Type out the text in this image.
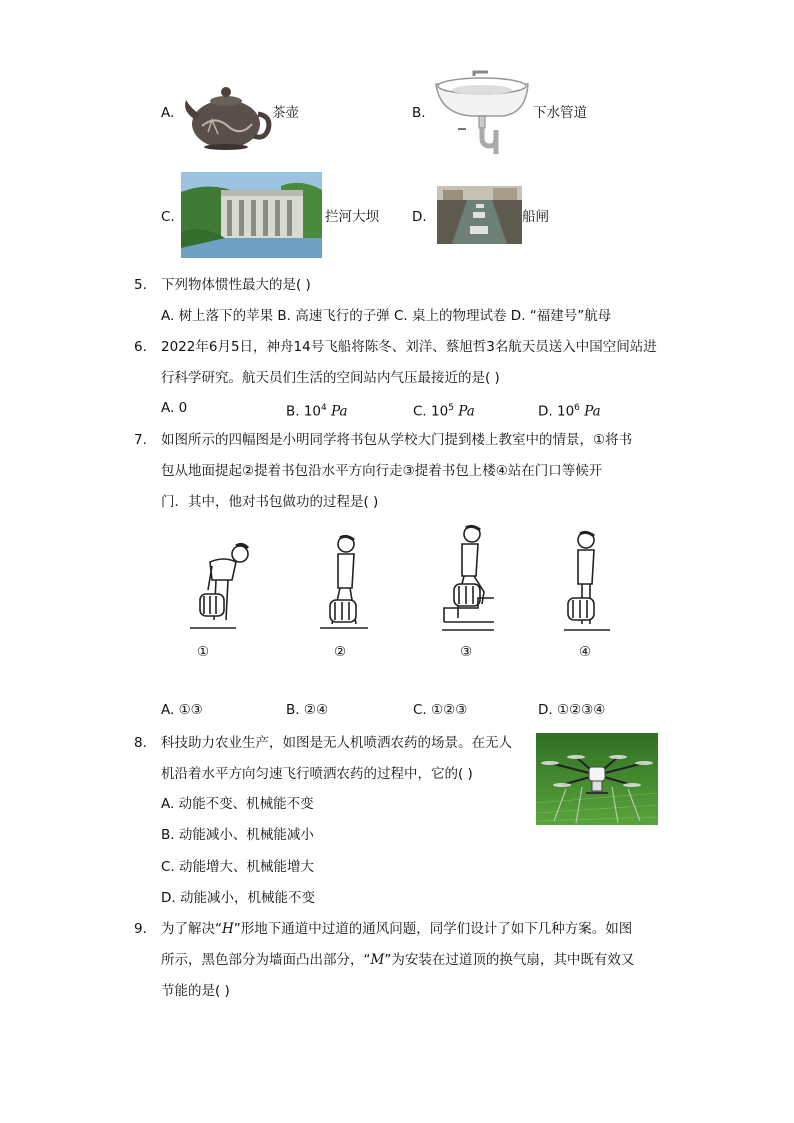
A.	茶壶	B.	下水管道
C.	拦河大坝 D.	船闸
5. 下列物体惯性最大的是( )
A. 树上落下的苹果 B. 高速飞行的子弹 C. 桌上的物理试卷 D. “福建号”航母
6. 2022年6月5日，神舟14号飞船将陈冬、刘洋、蔡旭哲3名航天员送入中国空间站进
行科学研究。航天员们生活的空间站内气压最接近的是( )
A. 0	B. $10^4$ Pa	C. $10^5$ Pa	D. $10^6$ Pa
7. 如图所示的四幅图是小明同学将书包从学校大门提到楼上教室中的情景，①将书
包从地面提起②提着书包沿水平方向行走③提着书包上楼④站在门口等候开
门．其中，他对书包做功的过程是( )
①	②	③	④
A. ①③	B. ②④	C. ①②③	D. ①②③④
8. 科技助力农业生产，如图是无人机喷洒农药的场景。在无人
机沿着水平方向匀速飞行喷洒农药的过程中，它的( )
A. 动能不变、机械能不变
B. 动能减小、机械能减小
C. 动能增大、机械能增大
D. 动能减小，机械能不变
9. 为了解决“H”形地下通道中过道的通风问题，同学们设计了如下几种方案。如图
所示，黑色部分为墙面凸出部分，“M”为安装在过道顶的换气扇，其中既有效又
节能的是( )
